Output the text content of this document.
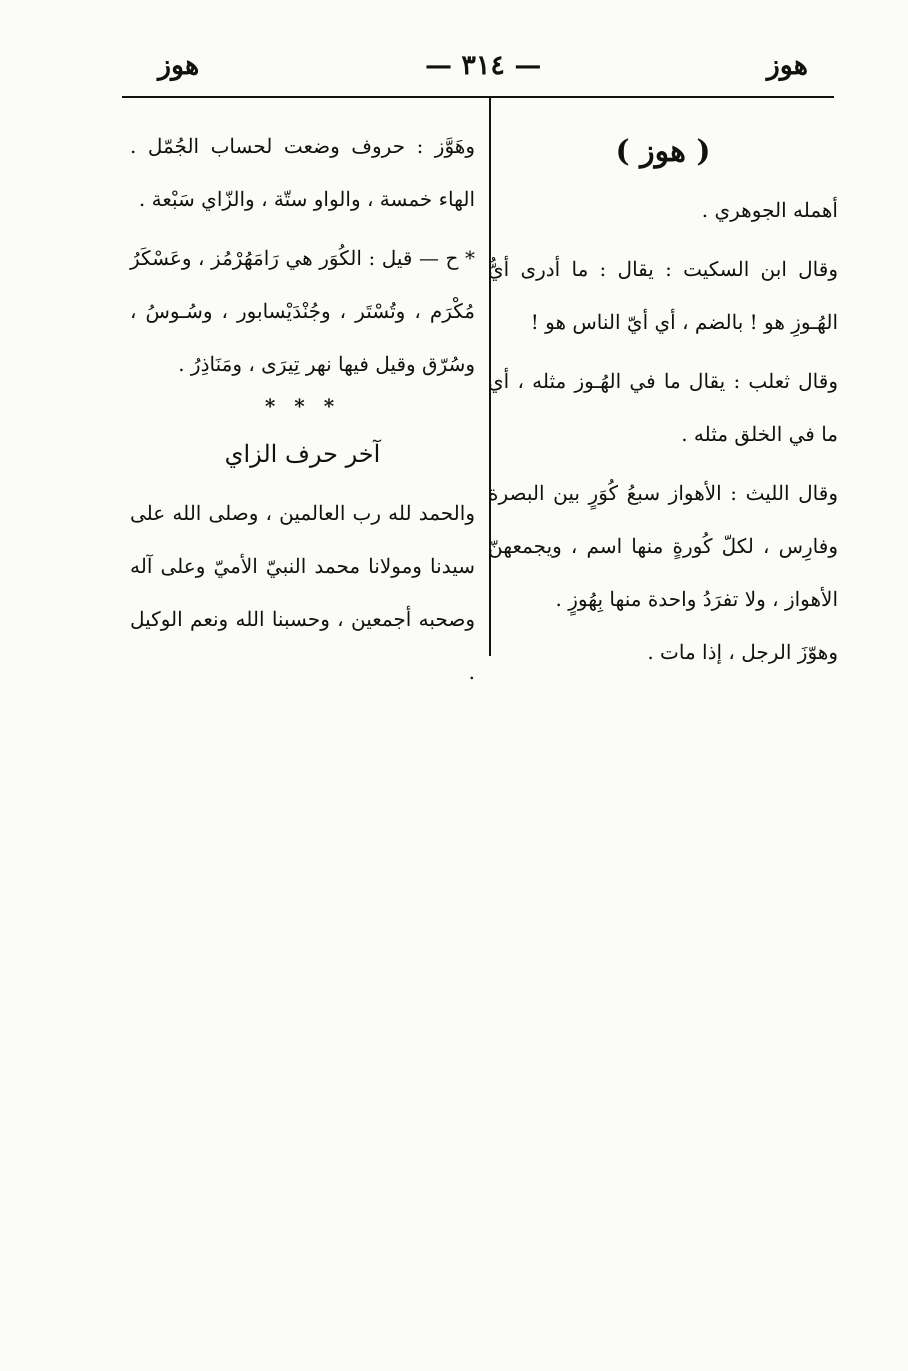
هوز
— ٣١٤ —
هوز

( هوز )

أهمله الجوهري .

وقال ابن السكيت : يقال : ما أدرى أيُّ الهُـوزِ هو ! بالضم ، أي أيّ الناس هو !

وقال ثعلب : يقال ما في الهُـوز مثله ، أي ما في الخلق مثله .

وقال الليث : الأهواز سبعُ كُوَرٍ بين البصرة وفارِس ، لكلّ كُورةٍ منها اسم ، ويجمعهنّ الأهواز ، ولا تفرَدُ واحدة منها بِهُوزٍ .

وهوّزَ الرجل ، إذا مات .

وهَوَّز : حروف وضعت لحساب الجُمّل . الهاء خمسة ، والواو ستّة ، والزّاي سَبْعة .

* ح — قيل : الكُوَر هي رَامَهُرْمُز ، وعَسْكَرُ مُكْرَم ، وتُسْتَر ، وجُنْدَيْسابور ، وسُـوسُ ، وسُرّق وقيل فيها نهر تِيرَى ، ومَنَاذِرُ .

* * *

آخر حرف الزاي

والحمد لله رب العالمين ، وصلى الله على سيدنا ومولانا محمد النبيّ الأميّ وعلى آله وصحبه أجمعين ، وحسبنا الله ونعم الوكيل .
